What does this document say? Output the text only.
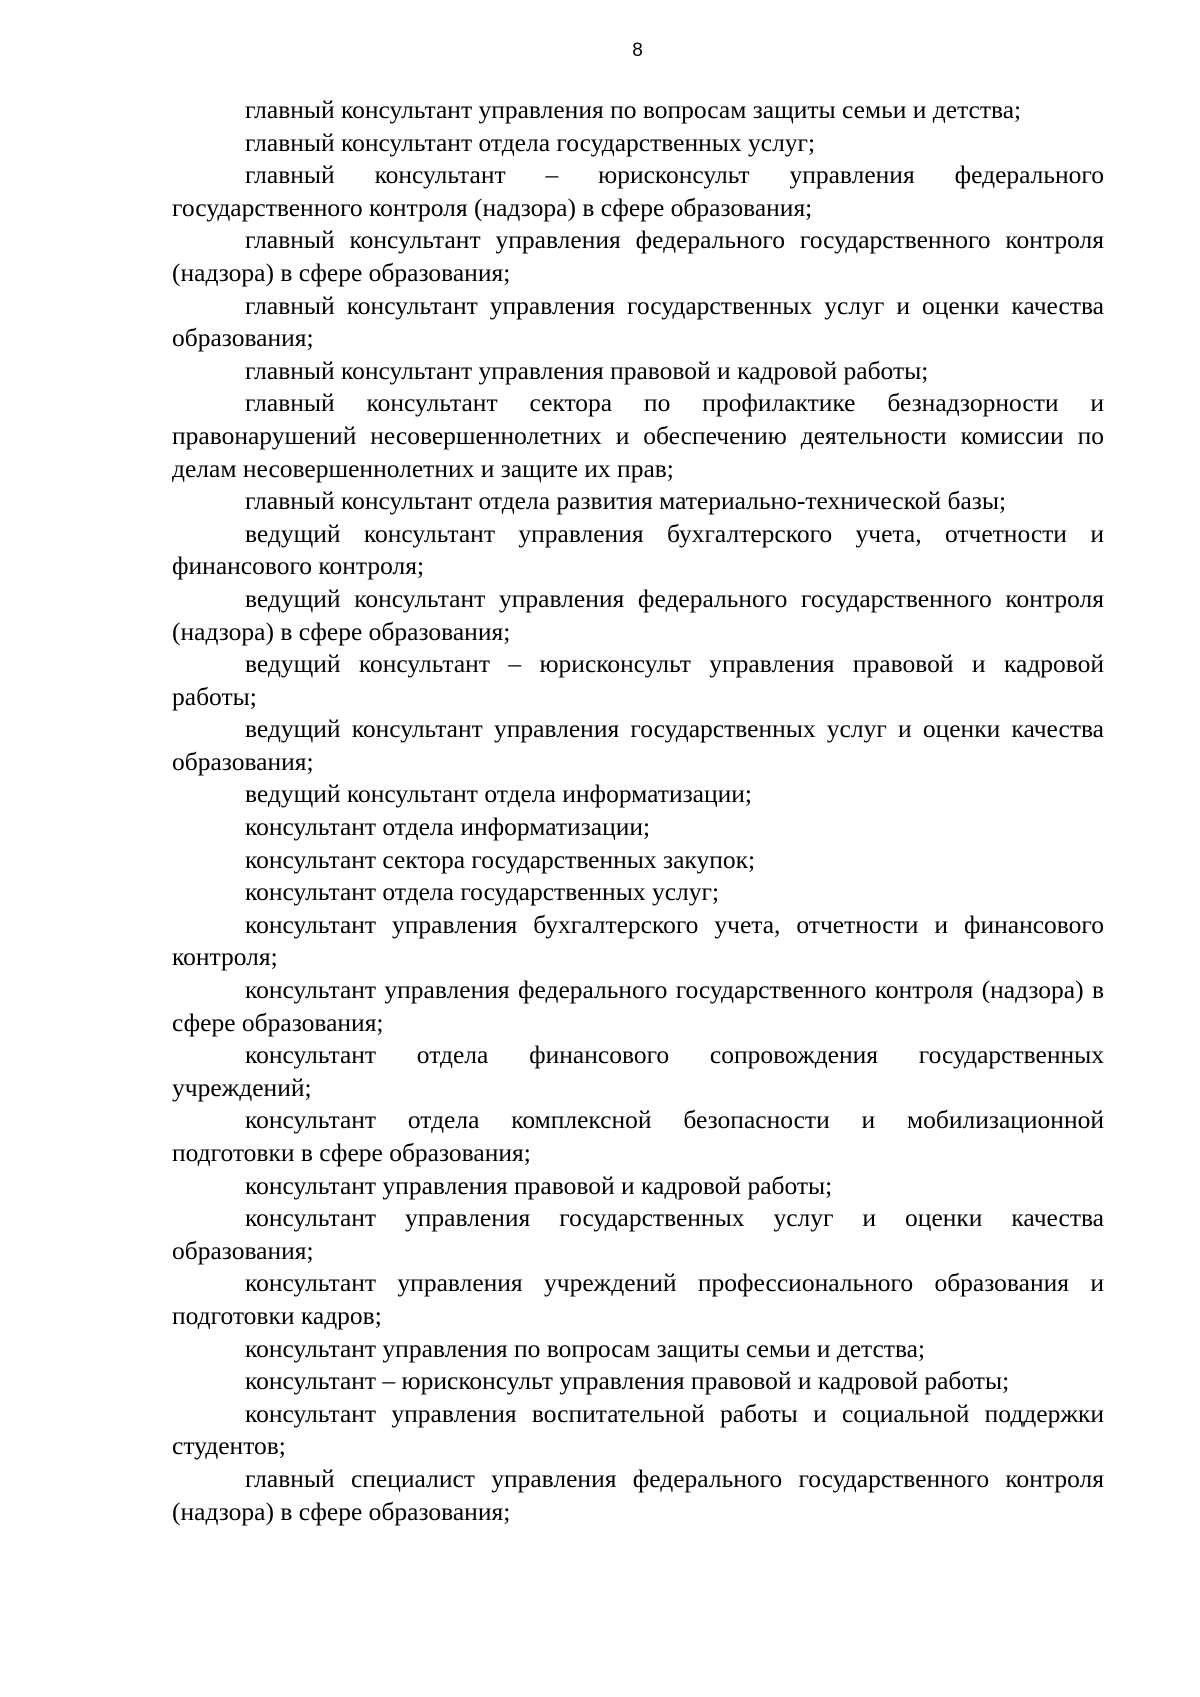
8

главный консультант управления по вопросам защиты семьи и детства;

главный консультант отдела государственных услуг;

главный консультант – юрисконсульт управления федерального государственного контроля (надзора) в сфере образования;

главный консультант управления федерального государственного контроля (надзора) в сфере образования;

главный консультант управления государственных услуг и оценки качества образования;

главный консультант управления правовой и кадровой работы;

главный консультант сектора по профилактике безнадзорности и правонарушений несовершеннолетних и обеспечению деятельности комиссии по делам несовершеннолетних и защите их прав;

главный консультант отдела развития материально-технической базы;

ведущий консультант управления бухгалтерского учета, отчетности и финансового контроля;

ведущий консультант управления федерального государственного контроля (надзора) в сфере образования;

ведущий консультант – юрисконсульт управления правовой и кадровой работы;

ведущий консультант управления государственных услуг и оценки качества образования;

ведущий консультант отдела информатизации;

консультант отдела информатизации;

консультант сектора государственных закупок;

консультант отдела государственных услуг;

консультант управления бухгалтерского учета, отчетности и финансового контроля;

консультант управления федерального государственного контроля (надзора) в сфере образования;

консультант отдела финансового сопровождения государственных учреждений;

консультант отдела комплексной безопасности и мобилизационной подготовки в сфере образования;

консультант управления правовой и кадровой работы;

консультант управления государственных услуг и оценки качества образования;

консультант управления учреждений профессионального образования и подготовки кадров;

консультант управления по вопросам защиты семьи и детства;

консультант – юрисконсульт управления правовой и кадровой работы;

консультант управления воспитательной работы и социальной поддержки студентов;

главный специалист управления федерального государственного контроля (надзора) в сфере образования;
